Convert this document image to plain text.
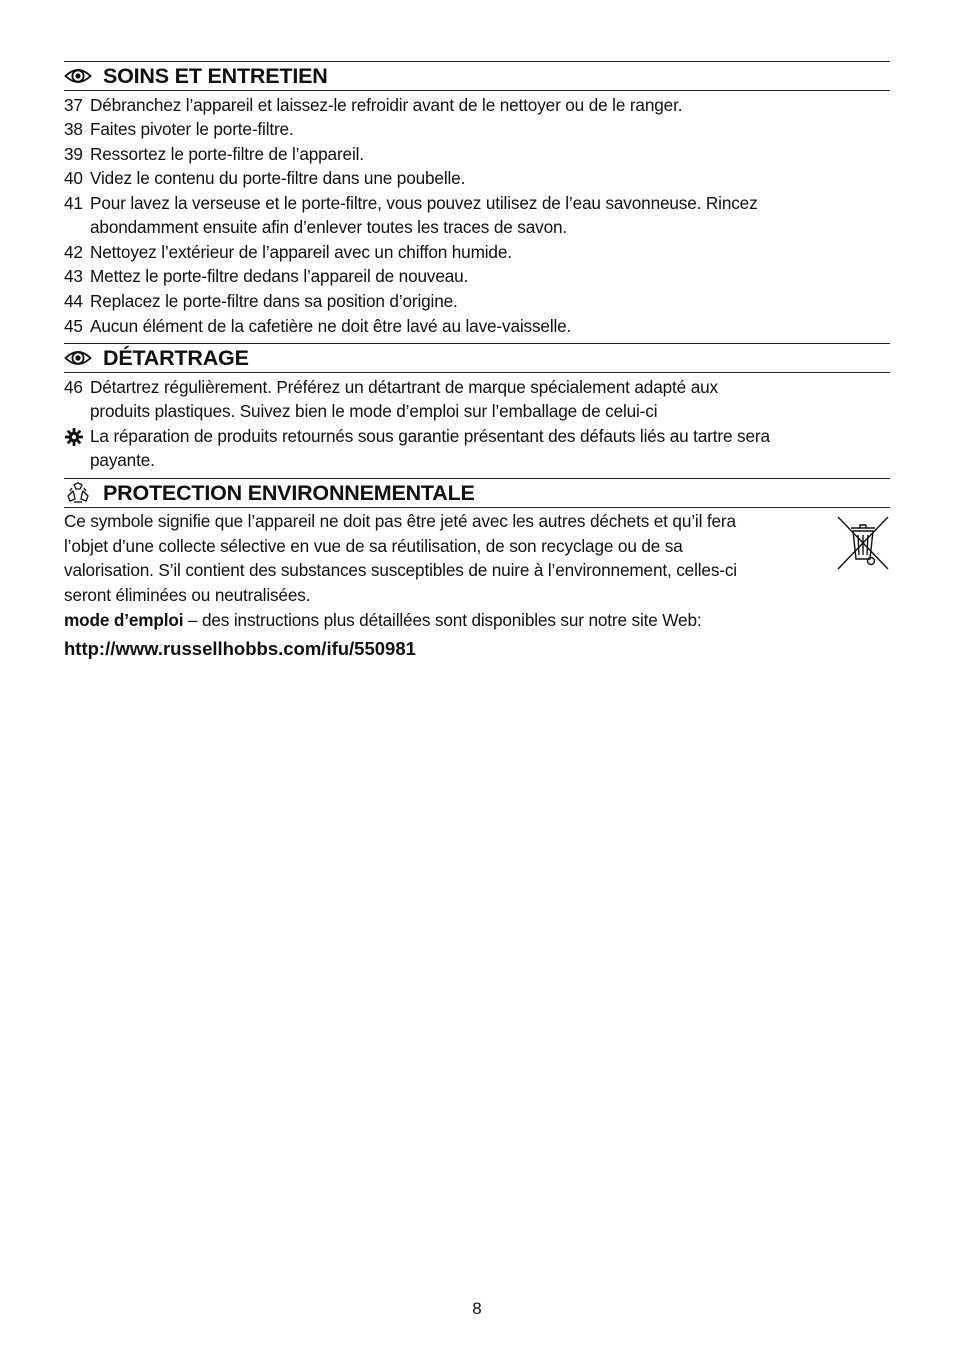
SOINS ET ENTRETIEN
37 Débranchez l’appareil et laissez-le refroidir avant de le nettoyer ou de le ranger.
38 Faites pivoter le porte-filtre.
39 Ressortez le porte-filtre de l’appareil.
40 Videz le contenu du porte-filtre dans une poubelle.
41 Pour lavez la verseuse et le porte-filtre, vous pouvez utilisez de l’eau savonneuse. Rincez
abondamment ensuite afin d’enlever toutes les traces de savon.
42 Nettoyez l’extérieur de l’appareil avec un chiffon humide.
43 Mettez le porte-filtre dedans l’appareil de nouveau.
44 Replacez le porte-filtre dans sa position d’origine.
45 Aucun élément de la cafetière ne doit être lavé au lave-vaisselle.
DÉTARTRAGE
46 Détartrez régulièrement. Préférez un détartrant de marque spécialement adapté aux
produits plastiques. Suivez bien le mode d’emploi sur l’emballage de celui-ci
La réparation de produits retournés sous garantie présentant des défauts liés au tartre sera
payante.
PROTECTION ENVIRONNEMENTALE
Ce symbole signifie que l’appareil ne doit pas être jeté avec les autres déchets et qu’il fera
l’objet d’une collecte sélective en vue de sa réutilisation, de son recyclage ou de sa
valorisation. S’il contient des substances susceptibles de nuire à l’environnement, celles-ci
seront éliminées ou neutralisées.
mode d’emploi – des instructions plus détaillées sont disponibles sur notre site Web:
http://www.russellhobbs.com/ifu/550981
8
